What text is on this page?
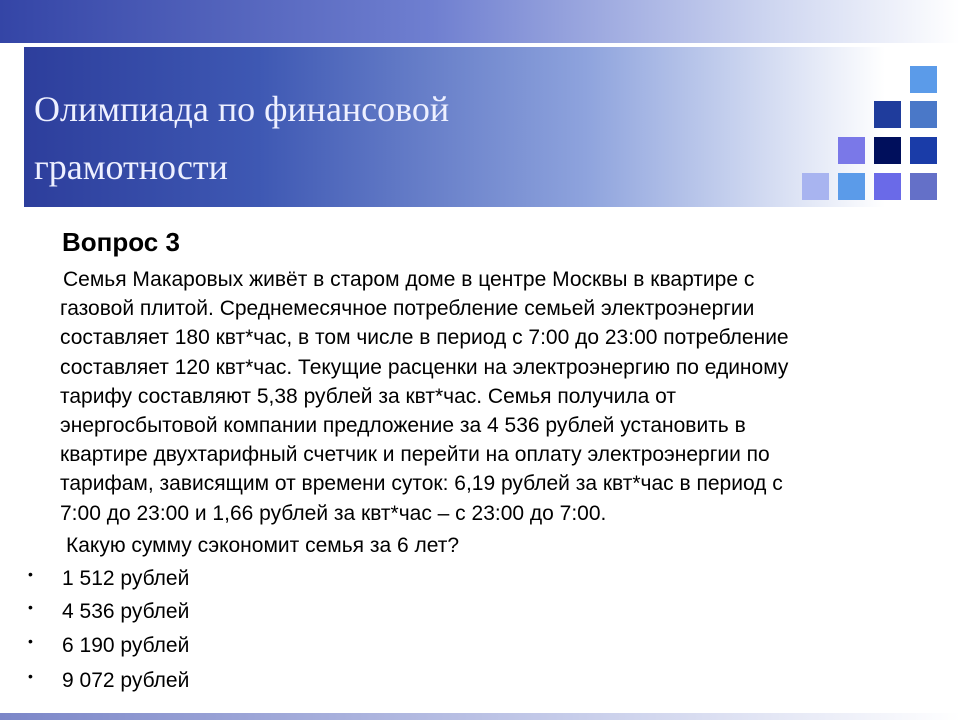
Олимпиада по финансовой
грамотности
Вопрос 3
Семья Макаровых живёт в старом доме в центре Москвы в квартире с
газовой плитой. Среднемесячное потребление семьей электроэнергии
составляет 180 квт*час, в том числе в период с 7:00 до 23:00 потребление
составляет 120 квт*час. Текущие расценки на электроэнергию по единому
тарифу составляют 5,38 рублей за квт*час. Семья получила от
энергосбытовой компании предложение за 4 536 рублей установить в
квартире двухтарифный счетчик и перейти на оплату электроэнергии по
тарифам, зависящим от времени суток: 6,19 рублей за квт*час в период с
7:00 до 23:00 и 1,66 рублей за квт*час – с 23:00 до 7:00.
Какую сумму сэкономит семья за 6 лет?
• 1 512 рублей
• 4 536 рублей
• 6 190 рублей
• 9 072 рублей
